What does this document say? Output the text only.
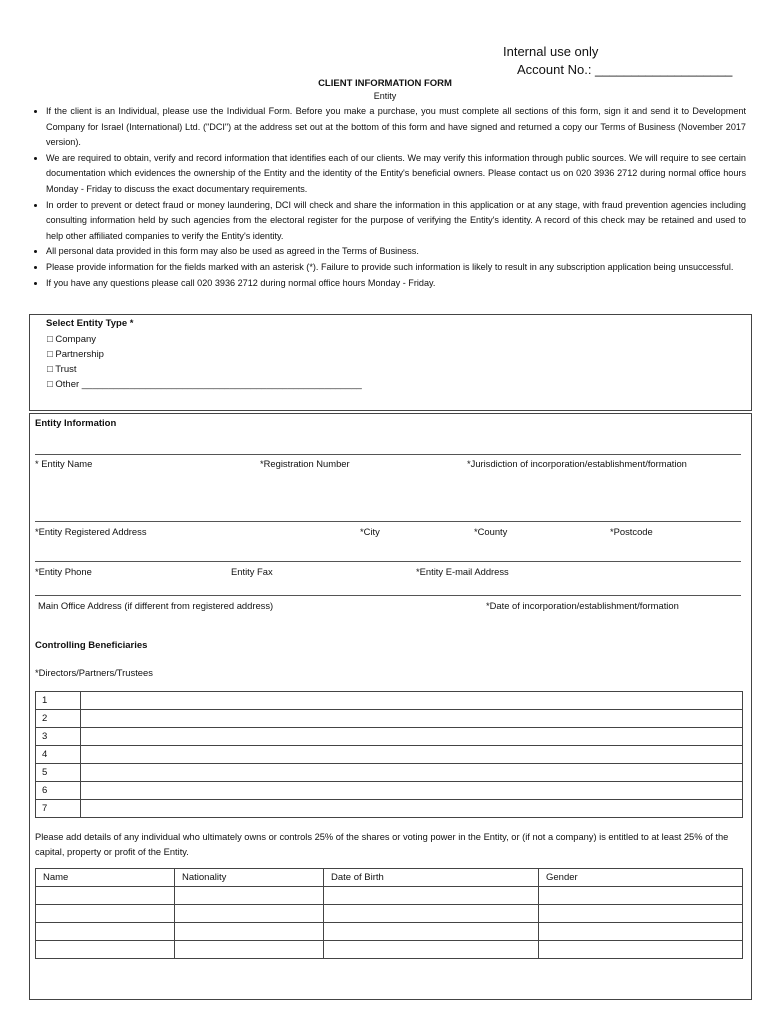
Internal use only
Account No.: ___________________
CLIENT INFORMATION FORM
Entity
• If the client is an Individual, please use the Individual Form. Before you make a purchase, you must complete all sections of this form, sign it and send it to Development Company for Israel (International) Ltd. ("DCI") at the address set out at the bottom of this form and have signed and returned a copy our Terms of Business (November 2017 version).
• We are required to obtain, verify and record information that identifies each of our clients. We may verify this information through public sources. We will require to see certain documentation which evidences the ownership of the Entity and the identity of the Entity's beneficial owners. Please contact us on 020 3936 2712 during normal office hours Monday - Friday to discuss the exact documentary requirements.
• In order to prevent or detect fraud or money laundering, DCI will check and share the information in this application or at any stage, with fraud prevention agencies including consulting information held by such agencies from the electoral register for the purpose of verifying the Entity's identity. A record of this check may be retained and used to help other affiliated companies to verify the Entity's identity.
• All personal data provided in this form may also be used as agreed in the Terms of Business.
• Please provide information for the fields marked with an asterisk (*). Failure to provide such information is likely to result in any subscription application being unsuccessful.
• If you have any questions please call 020 3936 2712 during normal office hours Monday - Friday.
Select Entity Type *
□ Company
□ Partnership
□ Trust
□ Other _____________________________________________________
Entity Information
* Entity Name	*Registration Number	*Jurisdiction of incorporation/establishment/formation
*Entity Registered Address	*City	*County	*Postcode
*Entity Phone	Entity Fax	*Entity E-mail Address
Main Office Address (if different from registered address)	*Date of incorporation/establishment/formation
Controlling Beneficiaries
*Directors/Partners/Trustees
1	
2	
3	
4	
5	
6	
7	
Please add details of any individual who ultimately owns or controls 25% of the shares or voting power in the Entity, or (if not a company) is entitled to at least 25% of the capital, property or profit of the Entity.
Name	Nationality	Date of Birth	Gender
